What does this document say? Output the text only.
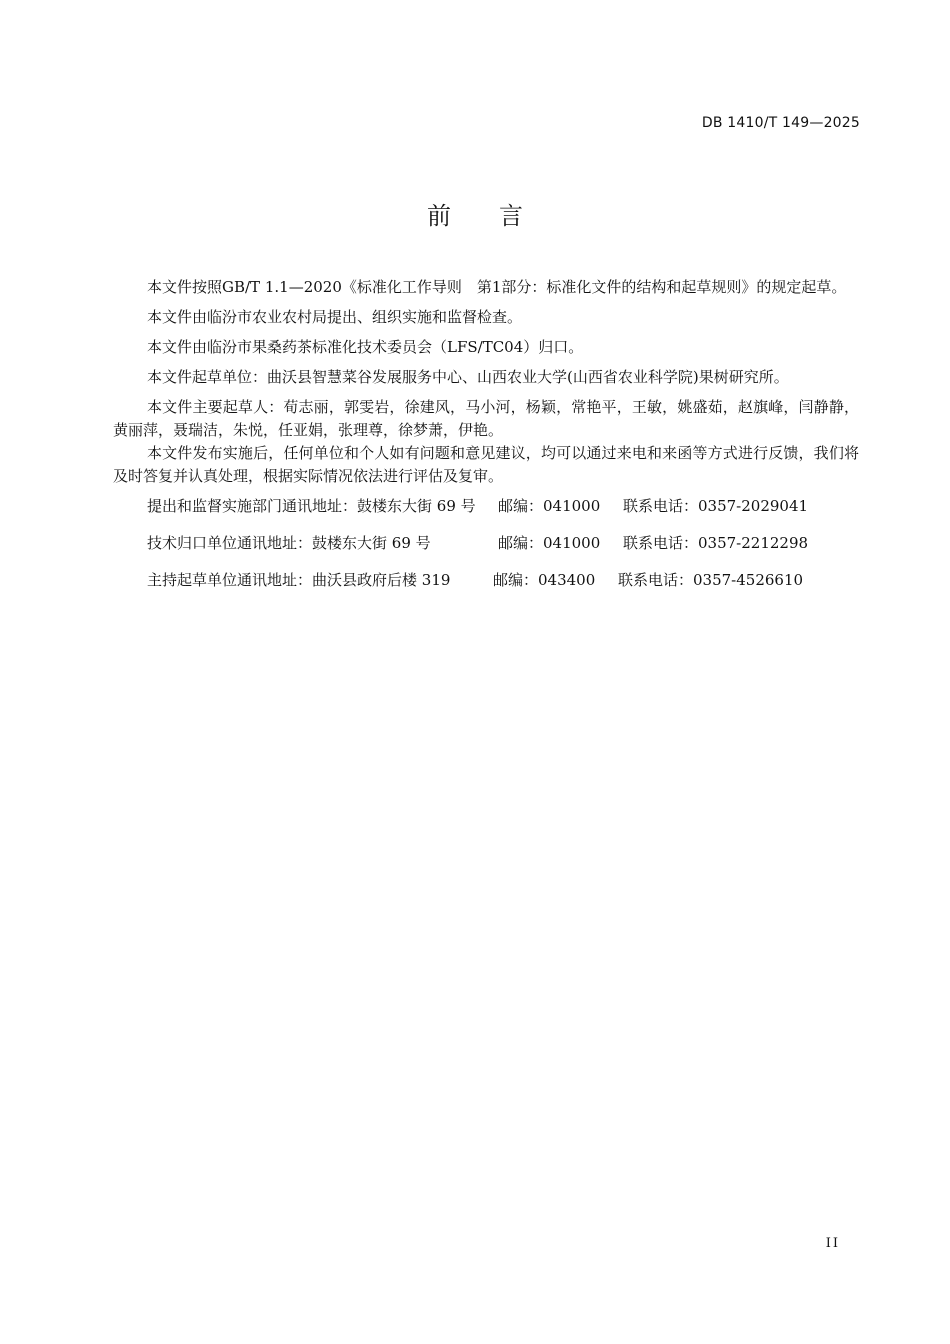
DB 1410/T 149—2025
前言

本文件按照GB/T 1.1—2020《标准化工作导则　第1部分：标准化文件的结构和起草规则》的规定起草。

本文件由临汾市农业农村局提出、组织实施和监督检查。

本文件由临汾市果桑药茶标准化技术委员会（LFS/TC04）归口。

本文件起草单位：曲沃县智慧菜谷发展服务中心、山西农业大学(山西省农业科学院)果树研究所。

本文件主要起草人：荀志丽，郭雯岩，徐建风，马小河，杨颖，常艳平，王敏，姚盛茹，赵旗峰，闫静静，黄丽萍，聂瑞洁，朱悦，任亚娟，张理尊，徐梦萧，伊艳。

本文件发布实施后，任何单位和个人如有问题和意见建议，均可以通过来电和来函等方式进行反馈，我们将及时答复并认真处理，根据实际情况依法进行评估及复审。

提出和监督实施部门通讯地址：鼓楼东大街 69 号	邮编：041000	联系电话：0357-2029041
技术归口单位通讯地址：鼓楼东大街 69 号	邮编：041000	联系电话：0357-2212298
主持起草单位通讯地址：曲沃县政府后楼 319	邮编：043400	联系电话：0357-4526610
II
